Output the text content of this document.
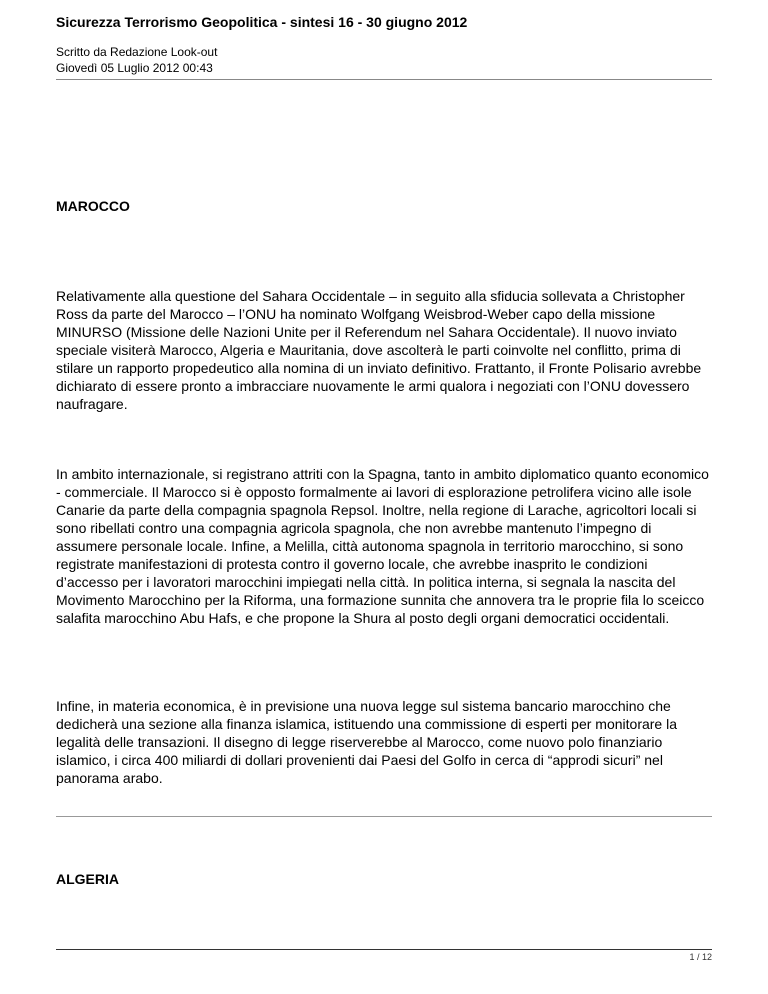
Sicurezza Terrorismo Geopolitica - sintesi 16 - 30 giugno 2012
Scritto da Redazione Look-out
Giovedì 05 Luglio 2012 00:43
MAROCCO
Relativamente alla questione del Sahara Occidentale – in seguito alla sfiducia sollevata a Christopher Ross da parte del Marocco – l’ONU ha nominato Wolfgang Weisbrod-Weber capo della missione MINURSO (Missione delle Nazioni Unite per il Referendum nel Sahara Occidentale). Il nuovo inviato speciale visiterà Marocco, Algeria e Mauritania, dove ascolterà le parti coinvolte nel conflitto, prima di stilare un rapporto propedeutico alla nomina di un inviato definitivo. Frattanto, il Fronte Polisario avrebbe dichiarato di essere pronto a imbracciare nuovamente le armi qualora i negoziati con l’ONU dovessero naufragare.
In ambito internazionale, si registrano attriti con la Spagna, tanto in ambito diplomatico quanto economico - commerciale. Il Marocco si è opposto formalmente ai lavori di esplorazione petrolifera vicino alle isole Canarie da parte della compagnia spagnola Repsol. Inoltre, nella regione di Larache, agricoltori locali si sono ribellati contro una compagnia agricola spagnola, che non avrebbe mantenuto l’impegno di assumere personale locale. Infine, a Melilla, città autonoma spagnola in territorio marocchino, si sono registrate manifestazioni di protesta contro il governo locale, che avrebbe inasprito le condizioni d’accesso per i lavoratori marocchini impiegati nella città. In politica interna, si segnala la nascita del Movimento Marocchino per la Riforma, una formazione sunnita che annovera tra le proprie fila lo sceicco salafita marocchino Abu Hafs, e che propone la Shura al posto degli organi democratici occidentali.
Infine, in materia economica, è in previsione una nuova legge sul sistema bancario marocchino che dedicherà una sezione alla finanza islamica, istituendo una commissione di esperti per monitorare la legalità delle transazioni. Il disegno di legge riserverebbe al Marocco, come nuovo polo finanziario islamico, i circa 400 miliardi di dollari provenienti dai Paesi del Golfo in cerca di “approdi sicuri” nel panorama arabo.
ALGERIA
1 / 12
